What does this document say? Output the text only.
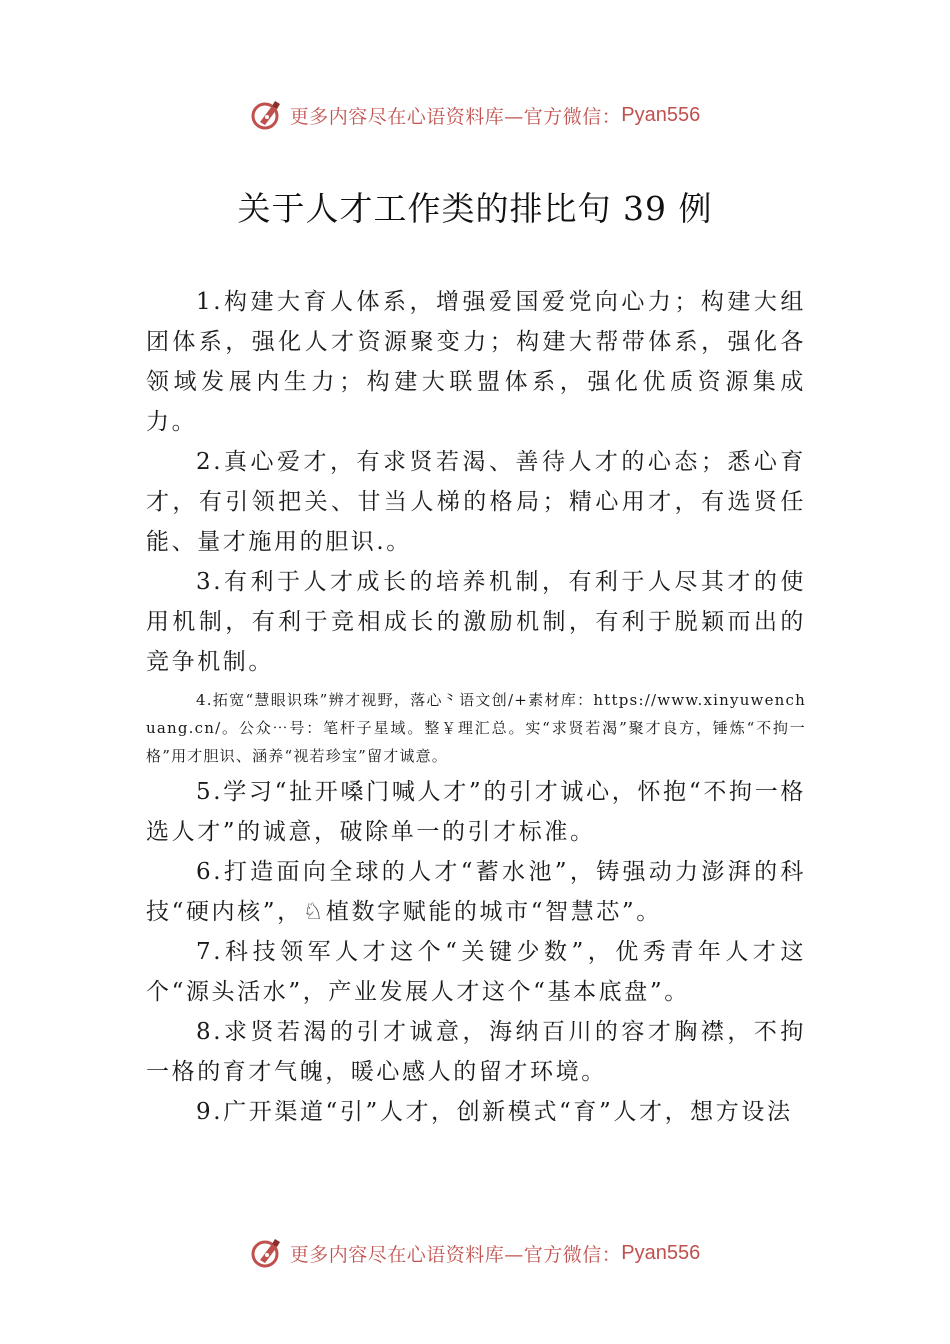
更多内容尽在心语资料库—官方微信： Pyan556
关于人才工作类的排比句 39 例

1.构建大育人体系，增强爱国爱党向心力；构建大组团体系，强化人才资源聚变力；构建大帮带体系，强化各领域发展内生力；构建大联盟体系，强化优质资源集成力。

2.真心爱才，有求贤若渴、善待人才的心态；悉心育才，有引领把关、甘当人梯的格局；精心用才，有选贤任能、量才施用的胆识.。

3.有利于人才成长的培养机制，有利于人尽其才的使用机制，有利于竞相成长的激励机制，有利于脱颖而出的竞争机制。

4.拓宽“慧眼识珠”辨才视野，落心⺀语文创/+素材库：https://www.xinyuwenchuang.cn/。公众⋯号：笔杆子星域。整￥理汇总。实“求贤若渴”聚才良方，锤炼“不拘一格”用才胆识、涵养“视若珍宝”留才诚意。

5.学习“扯开嗓门喊人才”的引才诚心，怀抱“不拘一格选人才”的诚意，破除单一的引才标准。

6.打造面向全球的人才“蓄水池”，铸强动力澎湃的科技“硬内核”，♘植数字赋能的城市“智慧芯”。

7.科技领军人才这个“关键少数”，优秀青年人才这个“源头活水”，产业发展人才这个“基本底盘”。

8.求贤若渴的引才诚意，海纳百川的容才胸襟，不拘一格的育才气魄，暖心感人的留才环境。

9.广开渠道“引”人才，创新模式“育”人才，想方设法

更多内容尽在心语资料库—官方微信： Pyan556
